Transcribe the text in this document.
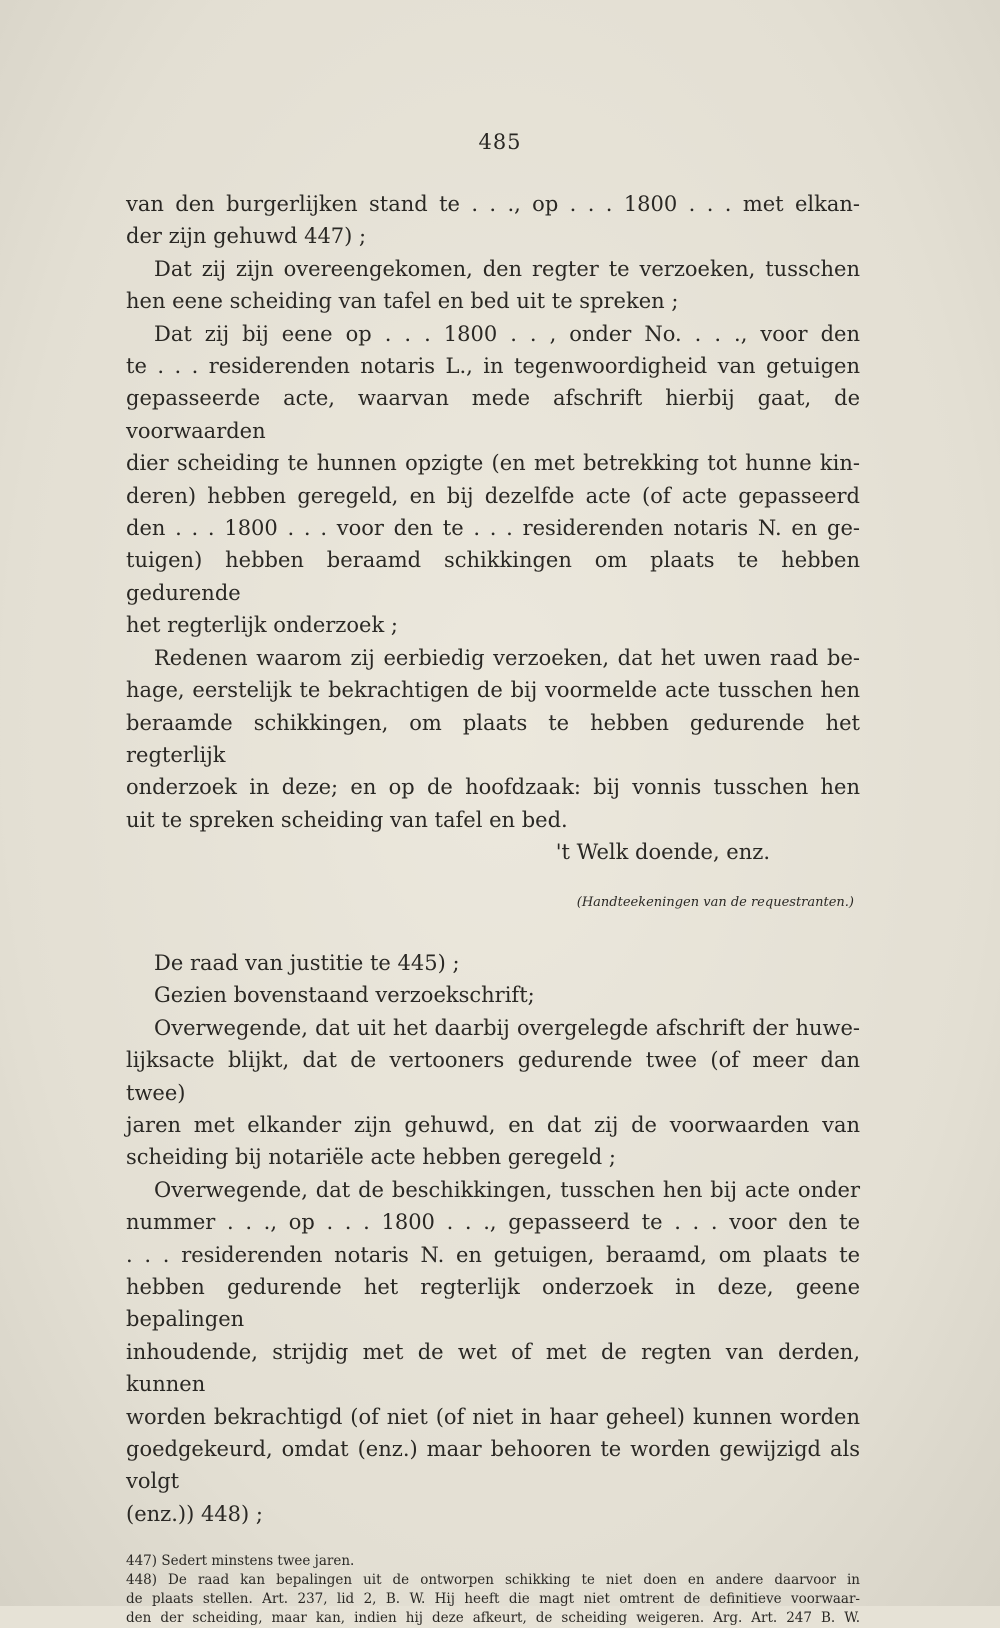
485
van den burgerlijken stand te . . ., op . . . 1800 . . . met elkan-
der zijn gehuwd 447) ;
Dat zij zijn overeengekomen, den regter te verzoeken, tusschen
hen eene scheiding van tafel en bed uit te spreken ;
Dat zij bij eene op . . . 1800 . . , onder No. . . ., voor den
te . . . residerenden notaris L., in tegenwoordigheid van getuigen
gepasseerde acte, waarvan mede afschrift hierbij gaat, de voorwaarden
dier scheiding te hunnen opzigte (en met betrekking tot hunne kin-
deren) hebben geregeld, en bij dezelfde acte (of acte gepasseerd
den . . . 1800 . . . voor den te . . . residerenden notaris N. en ge-
tuigen) hebben beraamd schikkingen om plaats te hebben gedurende
het regterlijk onderzoek ;
Redenen waarom zij eerbiedig verzoeken, dat het uwen raad be-
hage, eerstelijk te bekrachtigen de bij voormelde acte tusschen hen
beraamde schikkingen, om plaats te hebben gedurende het regterlijk
onderzoek in deze; en op de hoofdzaak: bij vonnis tusschen hen
uit te spreken scheiding van tafel en bed.
't Welk doende, enz.
(Handteekeningen van de requestranten.)
De raad van justitie te 445) ;
Gezien bovenstaand verzoekschrift;
Overwegende, dat uit het daarbij overgelegde afschrift der huwe-
lijksacte blijkt, dat de vertooners gedurende twee (of meer dan twee)
jaren met elkander zijn gehuwd, en dat zij de voorwaarden van
scheiding bij notariële acte hebben geregeld ;
Overwegende, dat de beschikkingen, tusschen hen bij acte onder
nummer . . ., op . . . 1800 . . ., gepasseerd te . . . voor den te
. . . residerenden notaris N. en getuigen, beraamd, om plaats te
hebben gedurende het regterlijk onderzoek in deze, geene bepalingen
inhoudende, strijdig met de wet of met de regten van derden, kunnen
worden bekrachtigd (of niet (of niet in haar geheel) kunnen worden
goedgekeurd, omdat (enz.) maar behooren te worden gewijzigd als volgt
(enz.)) 448) ;
447) Sedert minstens twee jaren.
448) De raad kan bepalingen uit de ontworpen schikking te niet doen en andere daarvoor in
de plaats stellen. Art. 237, lid 2, B. W. Hij heeft die magt niet omtrent de definitieve voorwaar-
den der scheiding, maar kan, indien hij deze afkeurt, de scheiding weigeren. Arg. Art. 247 B. W.
